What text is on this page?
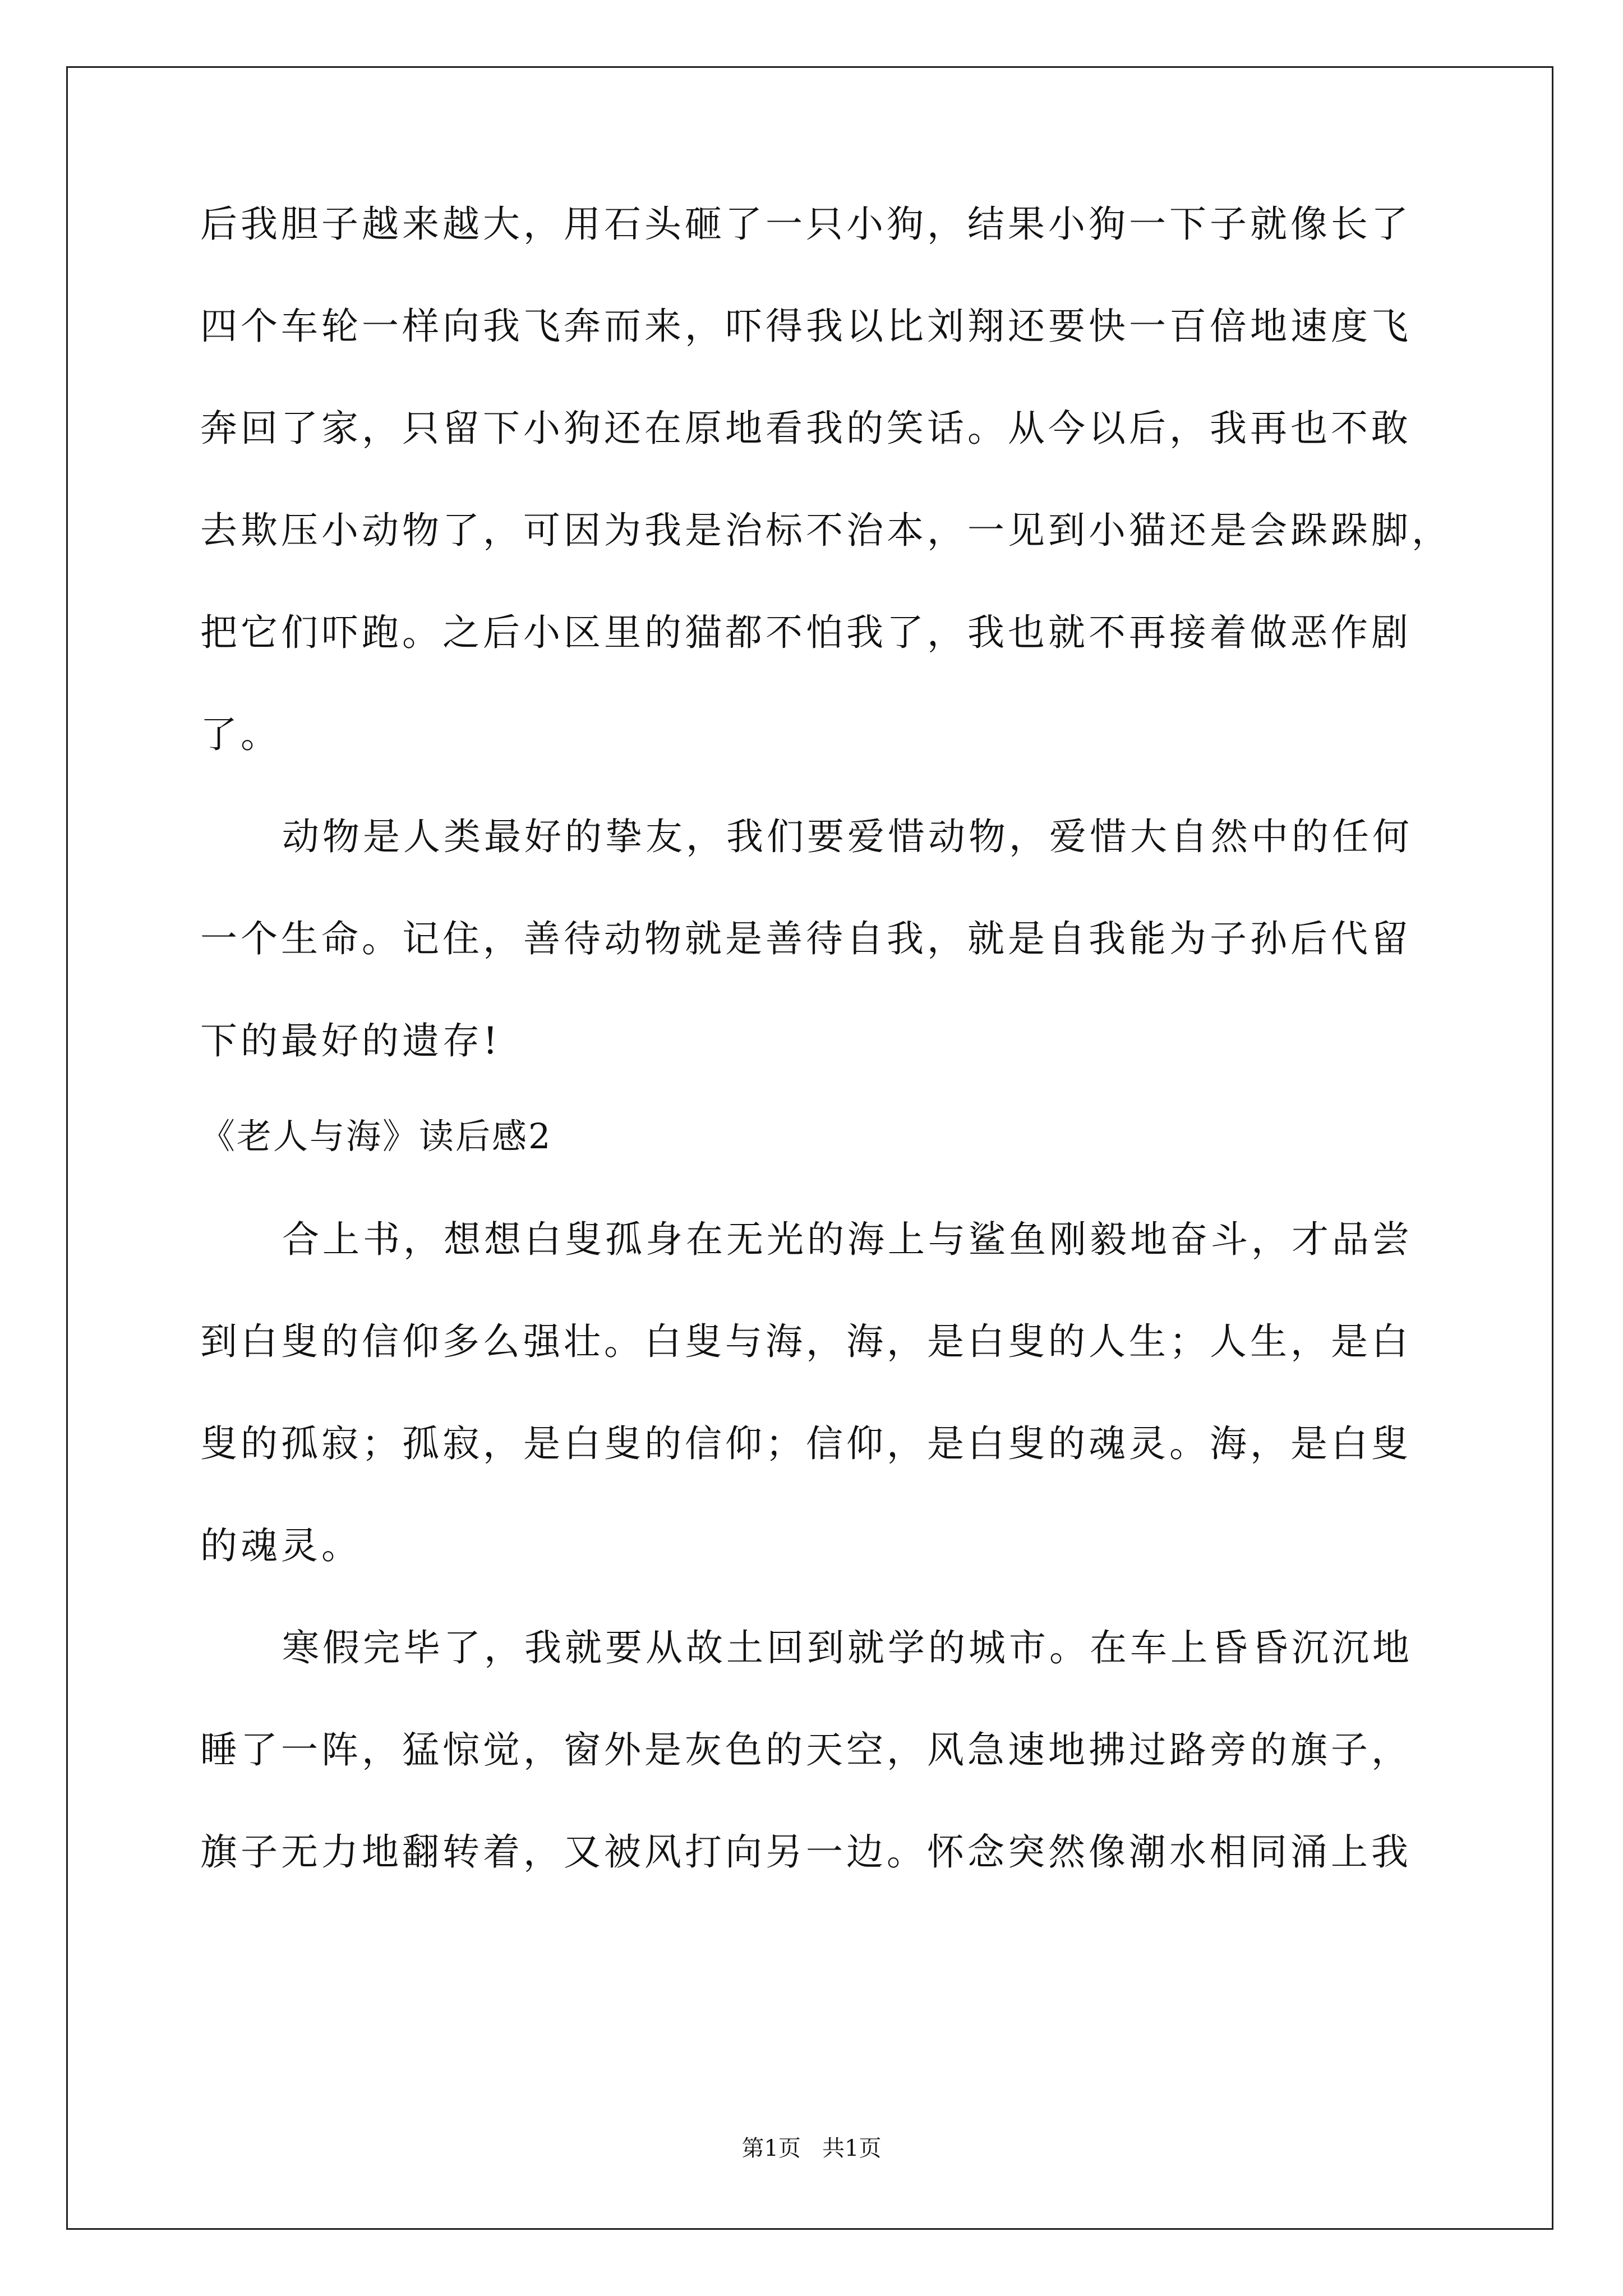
后我胆子越来越大，用石头砸了一只小狗，结果小狗一下子就像长了
四个车轮一样向我飞奔而来，吓得我以比刘翔还要快一百倍地速度飞
奔回了家，只留下小狗还在原地看我的笑话。从今以后，我再也不敢
去欺压小动物了，可因为我是治标不治本，一见到小猫还是会跺跺脚，
把它们吓跑。之后小区里的猫都不怕我了，我也就不再接着做恶作剧
了。
动物是人类最好的挚友，我们要爱惜动物，爱惜大自然中的任何
一个生命。记住，善待动物就是善待自我，就是自我能为子孙后代留
下的最好的遗存!
《老人与海》读后感2
合上书，想想白叟孤身在无光的海上与鲨鱼刚毅地奋斗，才品尝
到白叟的信仰多么强壮。白叟与海，海，是白叟的人生；人生，是白
叟的孤寂；孤寂，是白叟的信仰；信仰，是白叟的魂灵。海，是白叟
的魂灵。
寒假完毕了，我就要从故土回到就学的城市。在车上昏昏沉沉地
睡了一阵，猛惊觉，窗外是灰色的天空，风急速地拂过路旁的旗子，
旗子无力地翻转着，又被风打向另一边。怀念突然像潮水相同涌上我
第1页   共1页
